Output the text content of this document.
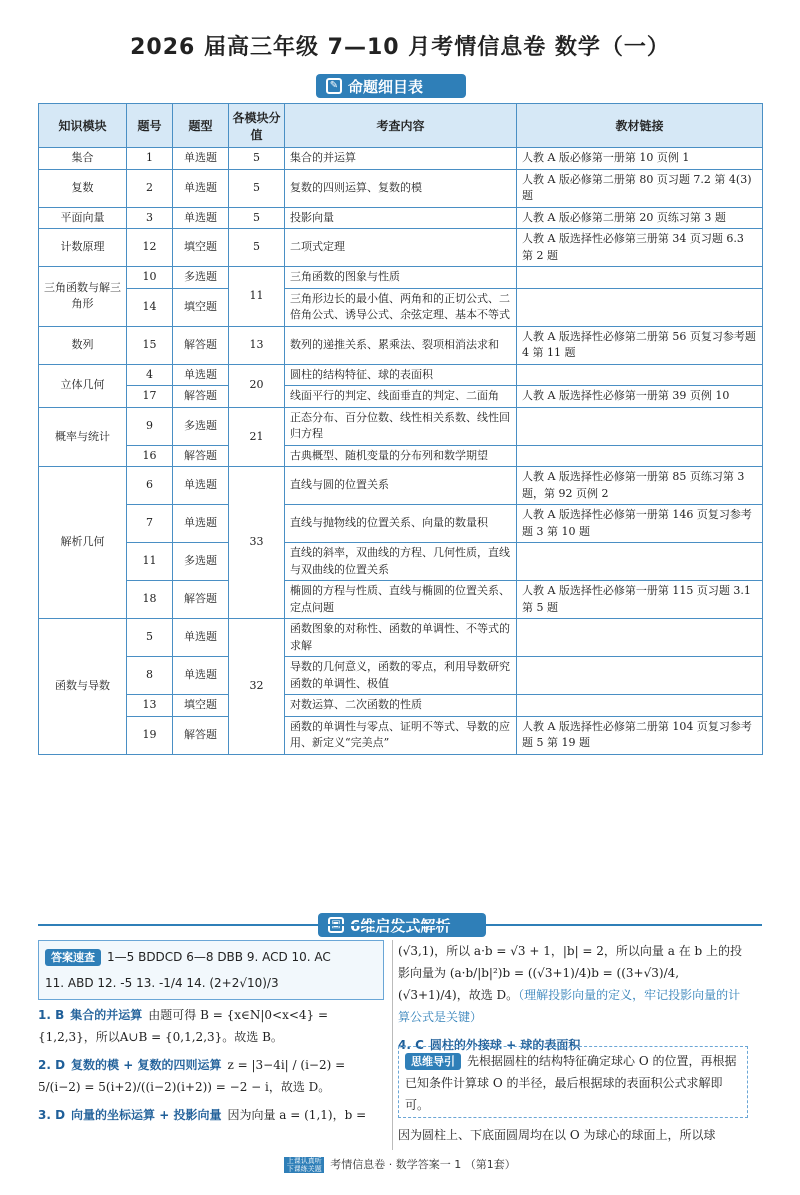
2026 届高三年级 7—10 月考情信息卷 数学（一）
✎ 命题细目表
知识模块	题号	题型	各模块分值	考查内容	教材链接
集合	1	单选题	5	集合的并运算	人教 A 版必修第一册第 10 页例 1
复数	2	单选题	5	复数的四则运算、复数的模	人教 A 版必修第二册第 80 页习题 7.2 第 4(3) 题
平面向量	3	单选题	5	投影向量	人教 A 版必修第二册第 20 页练习第 3 题
计数原理	12	填空题	5	二项式定理	人教 A 版选择性必修第三册第 34 页习题 6.3 第 2 题
三角函数与解三角形	10	多选题	11	三角函数的图象与性质	
	14	填空题		三角形边长的最小值、两角和的正切公式、二倍角公式、诱导公式、余弦定理、基本不等式	
数列	15	解答题	13	数列的递推关系、累乘法、裂项相消法求和	人教 A 版选择性必修第二册第 56 页复习参考题 4 第 11 题
立体几何	4	单选题	20	圆柱的结构特征、球的表面积	
	17	解答题		线面平行的判定、线面垂直的判定、二面角	人教 A 版选择性必修第一册第 39 页例 10
概率与统计	9	多选题	21	正态分布、百分位数、线性相关系数、线性回归方程	
	16	解答题		古典概型、随机变量的分布列和数学期望	
解析几何	6	单选题	33	直线与圆的位置关系	人教 A 版选择性必修第一册第 85 页练习第 3 题，第 92 页例 2
	7	单选题		直线与抛物线的位置关系、向量的数量积	人教 A 版选择性必修第一册第 146 页复习参考题 3 第 10 题
	11	多选题		直线的斜率，双曲线的方程、几何性质，直线与双曲线的位置关系	
	18	解答题		椭圆的方程与性质、直线与椭圆的位置关系、定点问题	人教 A 版选择性必修第一册第 115 页习题 3.1 第 5 题
函数与导数	5	单选题	32	函数图象的对称性、函数的单调性、不等式的求解	
	8	单选题		导数的几何意义，函数的零点，利用导数研究函数的单调性、极值	
	13	填空题		对数运算、二次函数的性质	
	19	解答题		函数的单调性与零点、证明不等式、导数的应用、新定义“完美点”	人教 A 版选择性必修第二册第 104 页复习参考题 5 第 19 题
答案速查 1—5 BDDCD 6—8 DBB 9. ACD 10. AC
11. ABD 12. -5 13. -1/4 14. (2+2√10)/3
1. B 集合的并运算 由题可得 B = {x∈N|0<x<4} = {1,2,3}，所以A∪B = {0,1,2,3}。故选 B。
2. D 复数的模 + 复数的四则运算 z = |3−4i| / (i−2) = 5/(i−2) = 5(i+2)/((i−2)(i+2)) = −2 − i，故选 D。
3. D 向量的坐标运算 + 投影向量 因为向量 a = (1,1)，b =
(√3,1)，所以 a·b = √3 + 1，|b| = 2，所以向量 a 在 b 上的投影向量为 (a·b/|b|²)b = ((√3+1)/4)b = ((3+√3)/4, (√3+1)/4)，故选 D。（理解投影向量的定义，牢记投影向量的计算公式是关键）
4. C 圆柱的外接球 + 球的表面积
思维导引 先根据圆柱的结构特征确定球心 O 的位置，再根据已知条件计算球 O 的半径，最后根据球的表面积公式求解即可。
因为圆柱上、下底面圆周均在以 O 为球心的球面上，所以球
上课认真听 下课练关题 考情信息卷 · 数学答案一 1 （第1套）
